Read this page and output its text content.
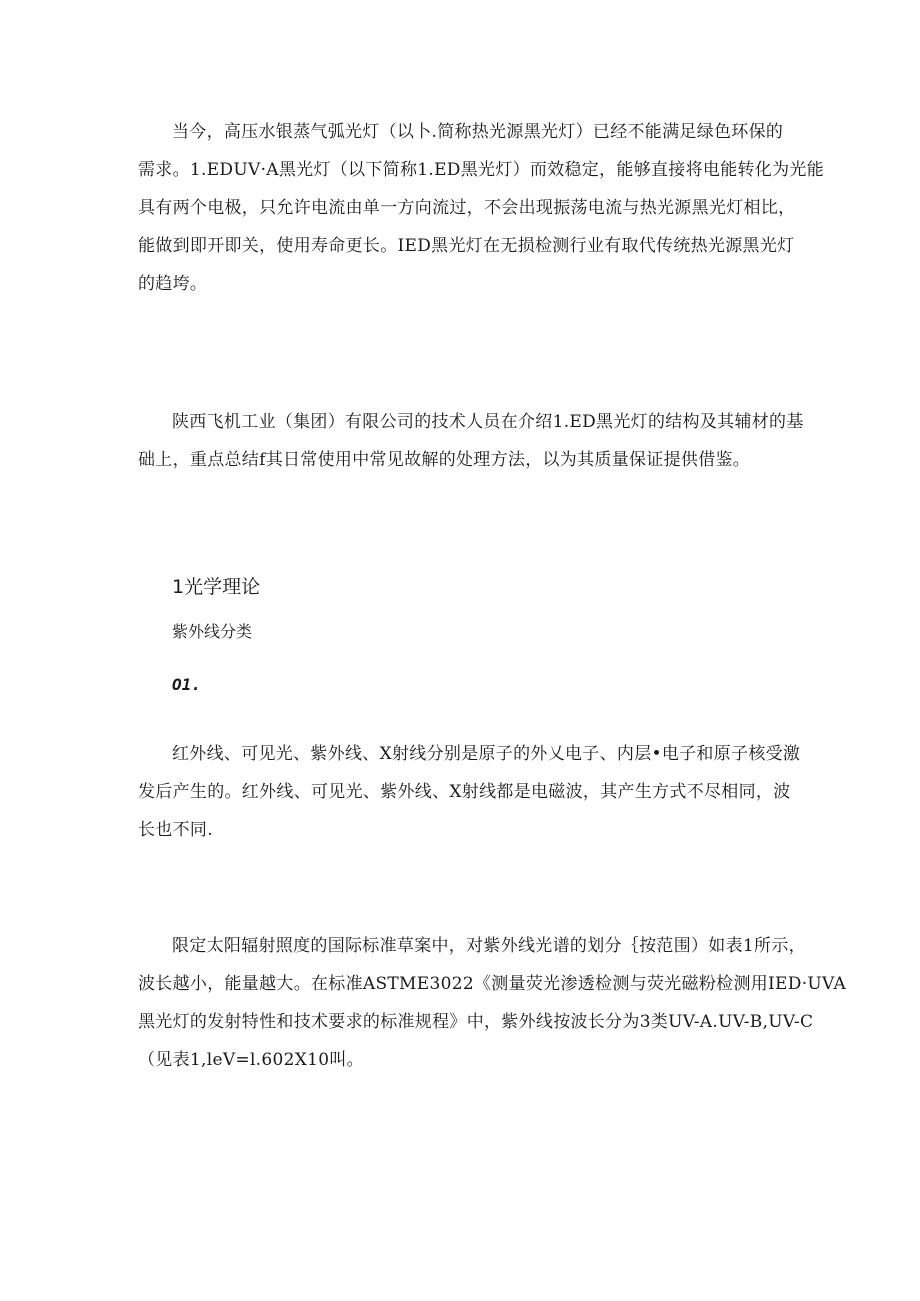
当今，高压水银蒸气弧光灯（以卜.简称热光源黑光灯）已经不能满足绿色环保的
需求。1.EDUV·A黑光灯（以下简称1.ED黑光灯）而效稳定，能够直接将电能转化为光能
具有两个电极，只允许电流由单一方向流过，不会出现振荡电流与热光源黑光灯相比，
能做到即开即关，使用寿命更长。IED黑光灯在无损检测行业有取代传统热光源黑光灯
的趋垮。
陕西飞机工业（集团）有限公司的技术人员在介绍1.ED黑光灯的结构及其辅材的基
础上，重点总结f其日常使用中常见故解的处理方法，以为其质量保证提供借鉴。
1光学理论
紫外线分类
O1.
红外线、可见光、紫外线、X射线分别是原子的外乂电子、内层•电子和原子核受激
发后产生的。红外线、可见光、紫外线、X射线都是电磁波，其产生方式不尽相同，波
长也不同.
限定太阳辐射照度的国际标准草案中，对紫外线光谱的划分｛按范围）如表1所示，
波长越小，能量越大。在标准ASTME3022《测量荧光渗透检测与荧光磁粉检测用IED·UVA
黑光灯的发射特性和技术要求的标准规程》中，紫外线按波长分为3类UV-A.UV-B,UV-C
（见表1,leV=l.602X10叫。
